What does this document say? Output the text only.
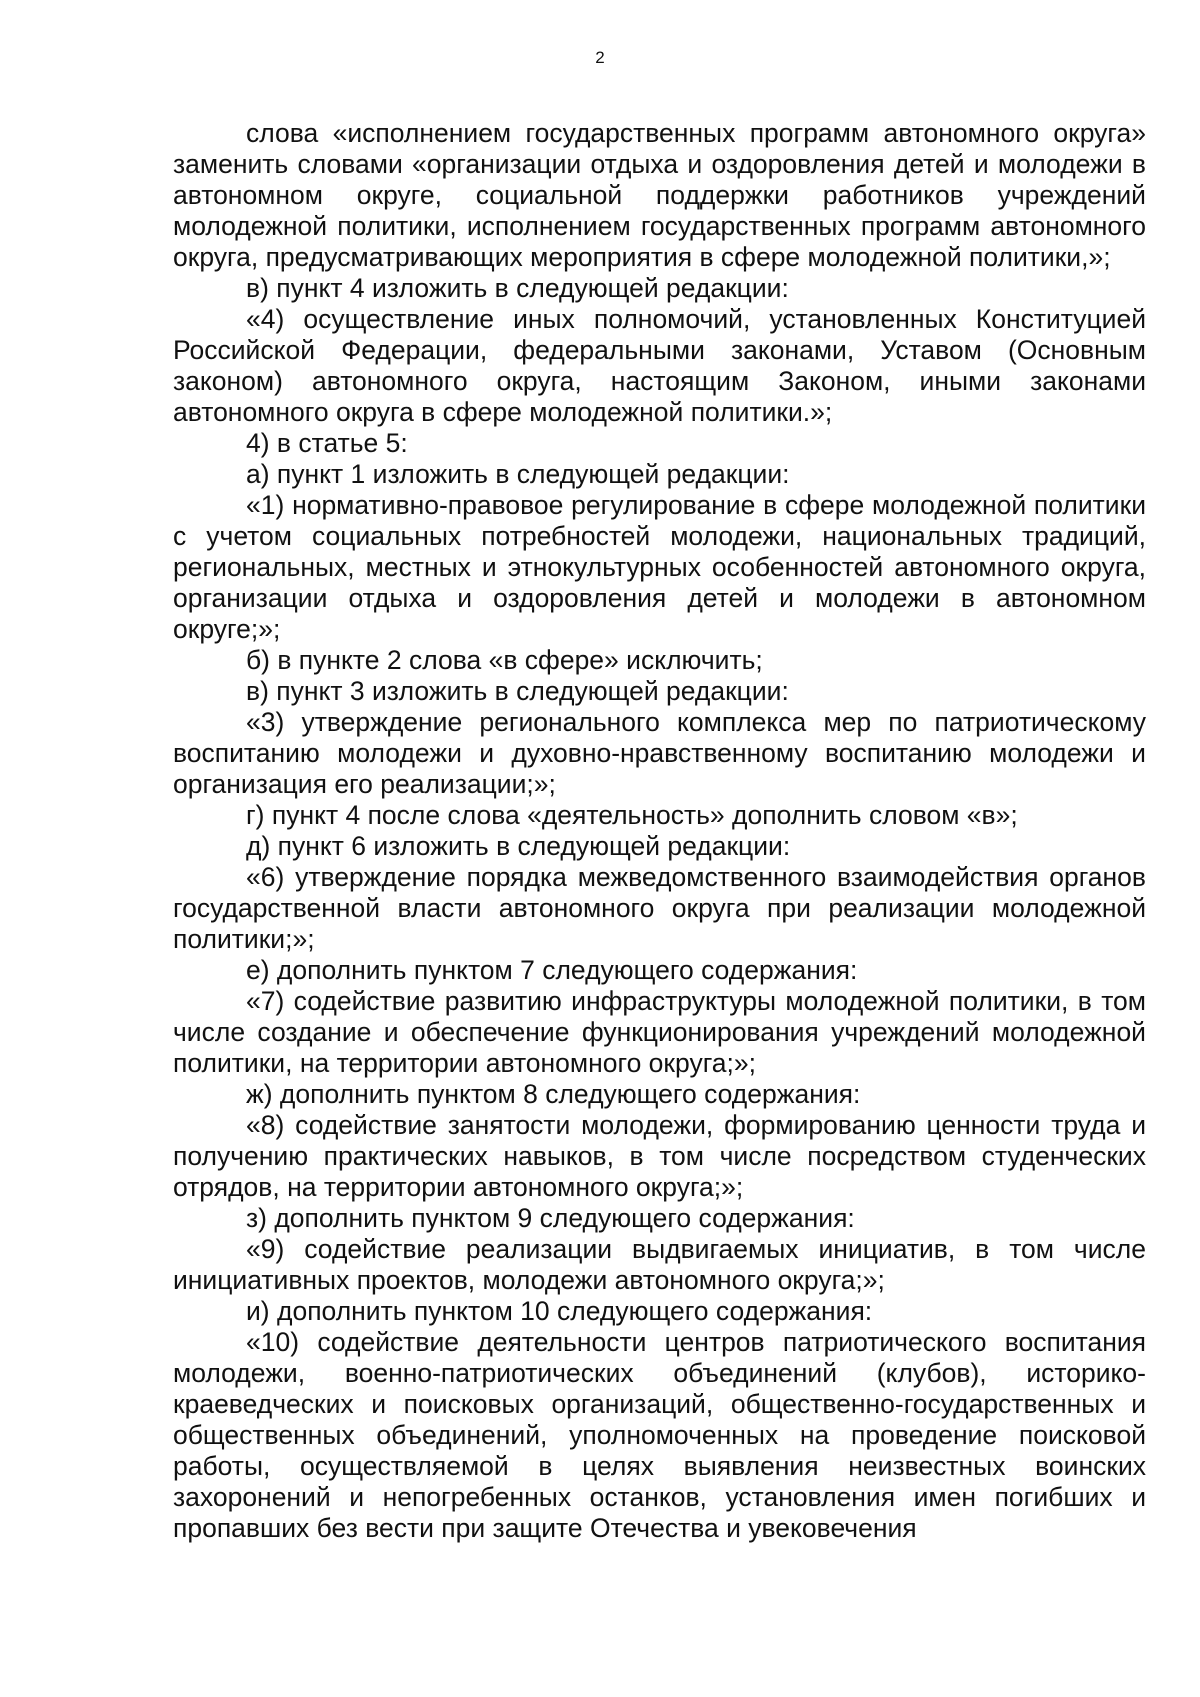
2

слова «исполнением государственных программ автономного округа» заменить словами «организации отдыха и оздоровления детей и молодежи в автономном округе, социальной поддержки работников учреждений молодежной политики, исполнением государственных программ автономного округа, предусматривающих мероприятия в сфере молодежной политики,»;

в) пункт 4 изложить в следующей редакции:

«4) осуществление иных полномочий, установленных Конституцией Российской Федерации, федеральными законами, Уставом (Основным законом) автономного округа, настоящим Законом, иными законами автономного округа в сфере молодежной политики.»;

4) в статье 5:

а) пункт 1 изложить в следующей редакции:

«1) нормативно-правовое регулирование в сфере молодежной политики с учетом социальных потребностей молодежи, национальных традиций, региональных, местных и этнокультурных особенностей автономного округа, организации отдыха и оздоровления детей и молодежи в автономном округе;»;

б) в пункте 2 слова «в сфере» исключить;

в) пункт 3 изложить в следующей редакции:

«3) утверждение регионального комплекса мер по патриотическому воспитанию молодежи и духовно-нравственному воспитанию молодежи и организация его реализации;»;

г) пункт 4 после слова «деятельность» дополнить словом «в»;

д) пункт 6 изложить в следующей редакции:

«6) утверждение порядка межведомственного взаимодействия органов государственной власти автономного округа при реализации молодежной политики;»;

е) дополнить пунктом 7 следующего содержания:

«7) содействие развитию инфраструктуры молодежной политики, в том числе создание и обеспечение функционирования учреждений молодежной политики, на территории автономного округа;»;

ж) дополнить пунктом 8 следующего содержания:

«8) содействие занятости молодежи, формированию ценности труда и получению практических навыков, в том числе посредством студенческих отрядов, на территории автономного округа;»;

з) дополнить пунктом 9 следующего содержания:

«9) содействие реализации выдвигаемых инициатив, в том числе инициативных проектов, молодежи автономного округа;»;

и) дополнить пунктом 10 следующего содержания:

«10) содействие деятельности центров патриотического воспитания молодежи, военно-патриотических объединений (клубов), историко-краеведческих и поисковых организаций, общественно-государственных и общественных объединений, уполномоченных на проведение поисковой работы, осуществляемой в целях выявления неизвестных воинских захоронений и непогребенных останков, установления имен погибших и пропавших без вести при защите Отечества и увековечения
